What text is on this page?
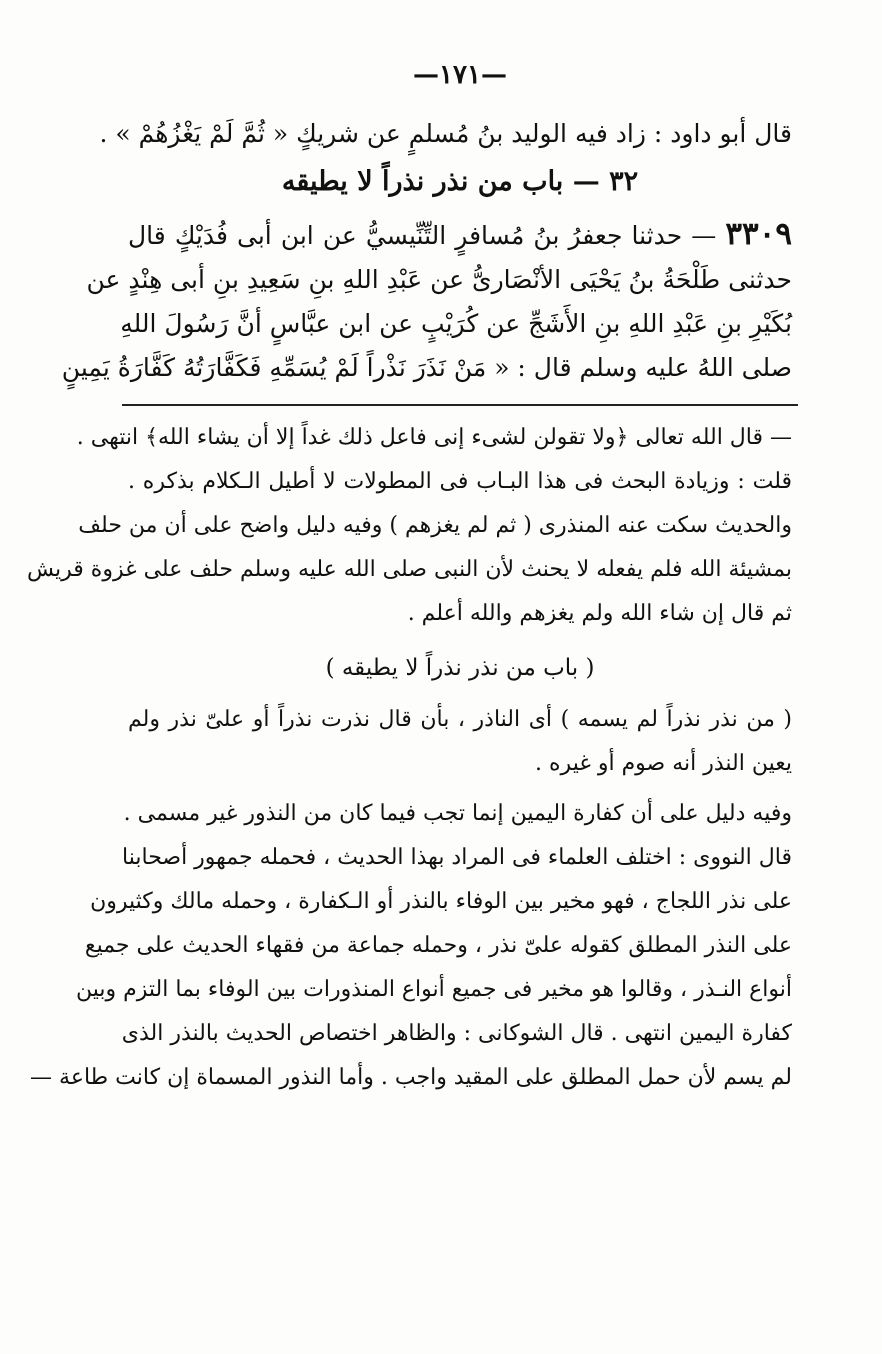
—١٧١—
قال أبو داود : زاد فيه الوليد بنُ مُسلمٍ عن شريكٍ « ثُمَّ لَمْ يَغْزُهُمْ » .
٣٢ — باب من نذر نذراً لا يطيقه
٣٣٠٩ — حدثنا جعفرُ بنُ مُسافرٍ التِّنِّيسيُّ عن ابن أبى فُدَيْكٍ قال
حدثنى طَلْحَةُ بنُ يَحْيَى الأنْصَارىُّ عن عَبْدِ اللهِ بنِ سَعِيدِ بنِ أبى هِنْدٍ عن
بُكَيْرِ بنِ عَبْدِ اللهِ بنِ الأَشَجِّ عن كُرَيْبٍ عن ابن عبَّاسٍ أنَّ رَسُولَ اللهِ
صلى اللهُ عليه وسلم قال : « مَنْ نَذَرَ نَذْراً لَمْ يُسَمِّهِ فَكَفَّارَتُهُ كَفَّارَةُ يَمِينٍ
— قال الله تعالى ﴿ولا تقولن لشىء إنى فاعل ذلك غداً إلا أن يشاء الله﴾ انتهى .
قلت : وزيادة البحث فى هذا البـاب فى المطولات لا أطيل الـكلام بذكره .
والحديث سكت عنه المنذرى ( ثم لم يغزهم ) وفيه دليل واضح على أن من حلف
بمشيئة الله فلم يفعله لا يحنث لأن النبى صلى الله عليه وسلم حلف على غزوة قريش
ثم قال إن شاء الله ولم يغزهم والله أعلم .
( باب من نذر نذراً لا يطيقه )
( من نذر نذراً لم يسمه ) أى الناذر ، بأن قال نذرت نذراً أو علىّ نذر ولم
يعين النذر أنه صوم أو غيره .
وفيه دليل على أن كفارة اليمين إنما تجب فيما كان من النذور غير مسمى .
قال النووى : اختلف العلماء فى المراد بهذا الحديث ، فحمله جمهور أصحابنا
على نذر اللجاج ، فهو مخير بين الوفاء بالنذر أو الـكفارة ، وحمله مالك وكثيرون
على النذر المطلق كقوله علىّ نذر ، وحمله جماعة من فقهاء الحديث على جميع
أنواع النـذر ، وقالوا هو مخير فى جميع أنواع المنذورات بين الوفاء بما التزم وبين
كفارة اليمين انتهى . قال الشوكانى : والظاهر اختصاص الحديث بالنذر الذى
لم يسم لأن حمل المطلق على المقيد واجب . وأما النذور المسماة إن كانت طاعة —
